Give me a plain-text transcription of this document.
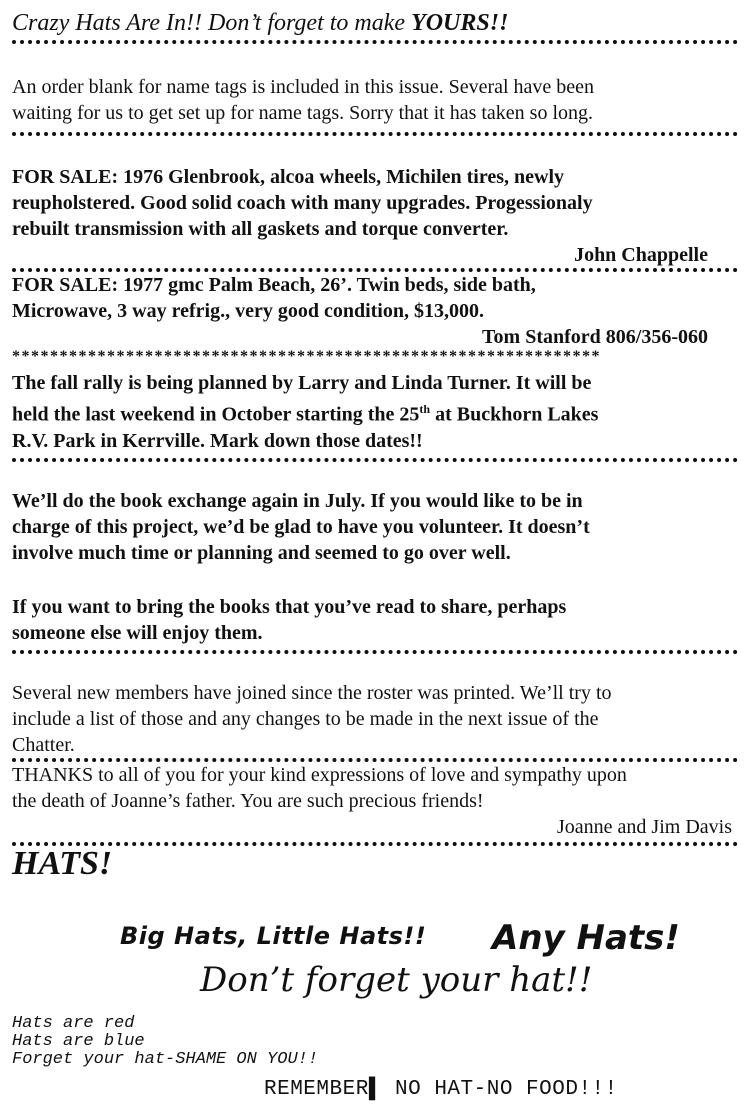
Crazy Hats Are In!! Don’t forget to make YOURS!!

An order blank for name tags is included in this issue. Several have been

waiting for us to get set up for name tags. Sorry that it has taken so long.

FOR SALE: 1976 Glenbrook, alcoa wheels, Michilen tires, newly

reupholstered. Good solid coach with many upgrades. Progessionaly

rebuilt transmission with all gaskets and torque converter.

John Chappelle

FOR SALE: 1977 gmc Palm Beach, 26’. Twin beds, side bath,

Microwave, 3 way refrig., very good condition, $13,000.

Tom Stanford 806/356-060

**************************************************************

The fall rally is being planned by Larry and Linda Turner. It will be

held the last weekend in October starting the 25th at Buckhorn Lakes

R.V. Park in Kerrville. Mark down those dates!!

We’ll do the book exchange again in July. If you would like to be in

charge of this project, we’d be glad to have you volunteer. It doesn’t

involve much time or planning and seemed to go over well.

If you want to bring the books that you’ve read to share, perhaps

someone else will enjoy them.

Several new members have joined since the roster was printed. We’ll try to

include a list of those and any changes to be made in the next issue of the

Chatter.

THANKS to all of you for your kind expressions of love and sympathy upon

the death of Joanne’s father. You are such precious friends!

Joanne and Jim Davis

HATS!

Big Hats, Little Hats!! Any Hats!
Don’t forget your hat!!
Hats are red
Hats are blue
Forget your hat-SHAME ON YOU!!
REMEMBER▌ NO HAT-NO FOOD!!!
